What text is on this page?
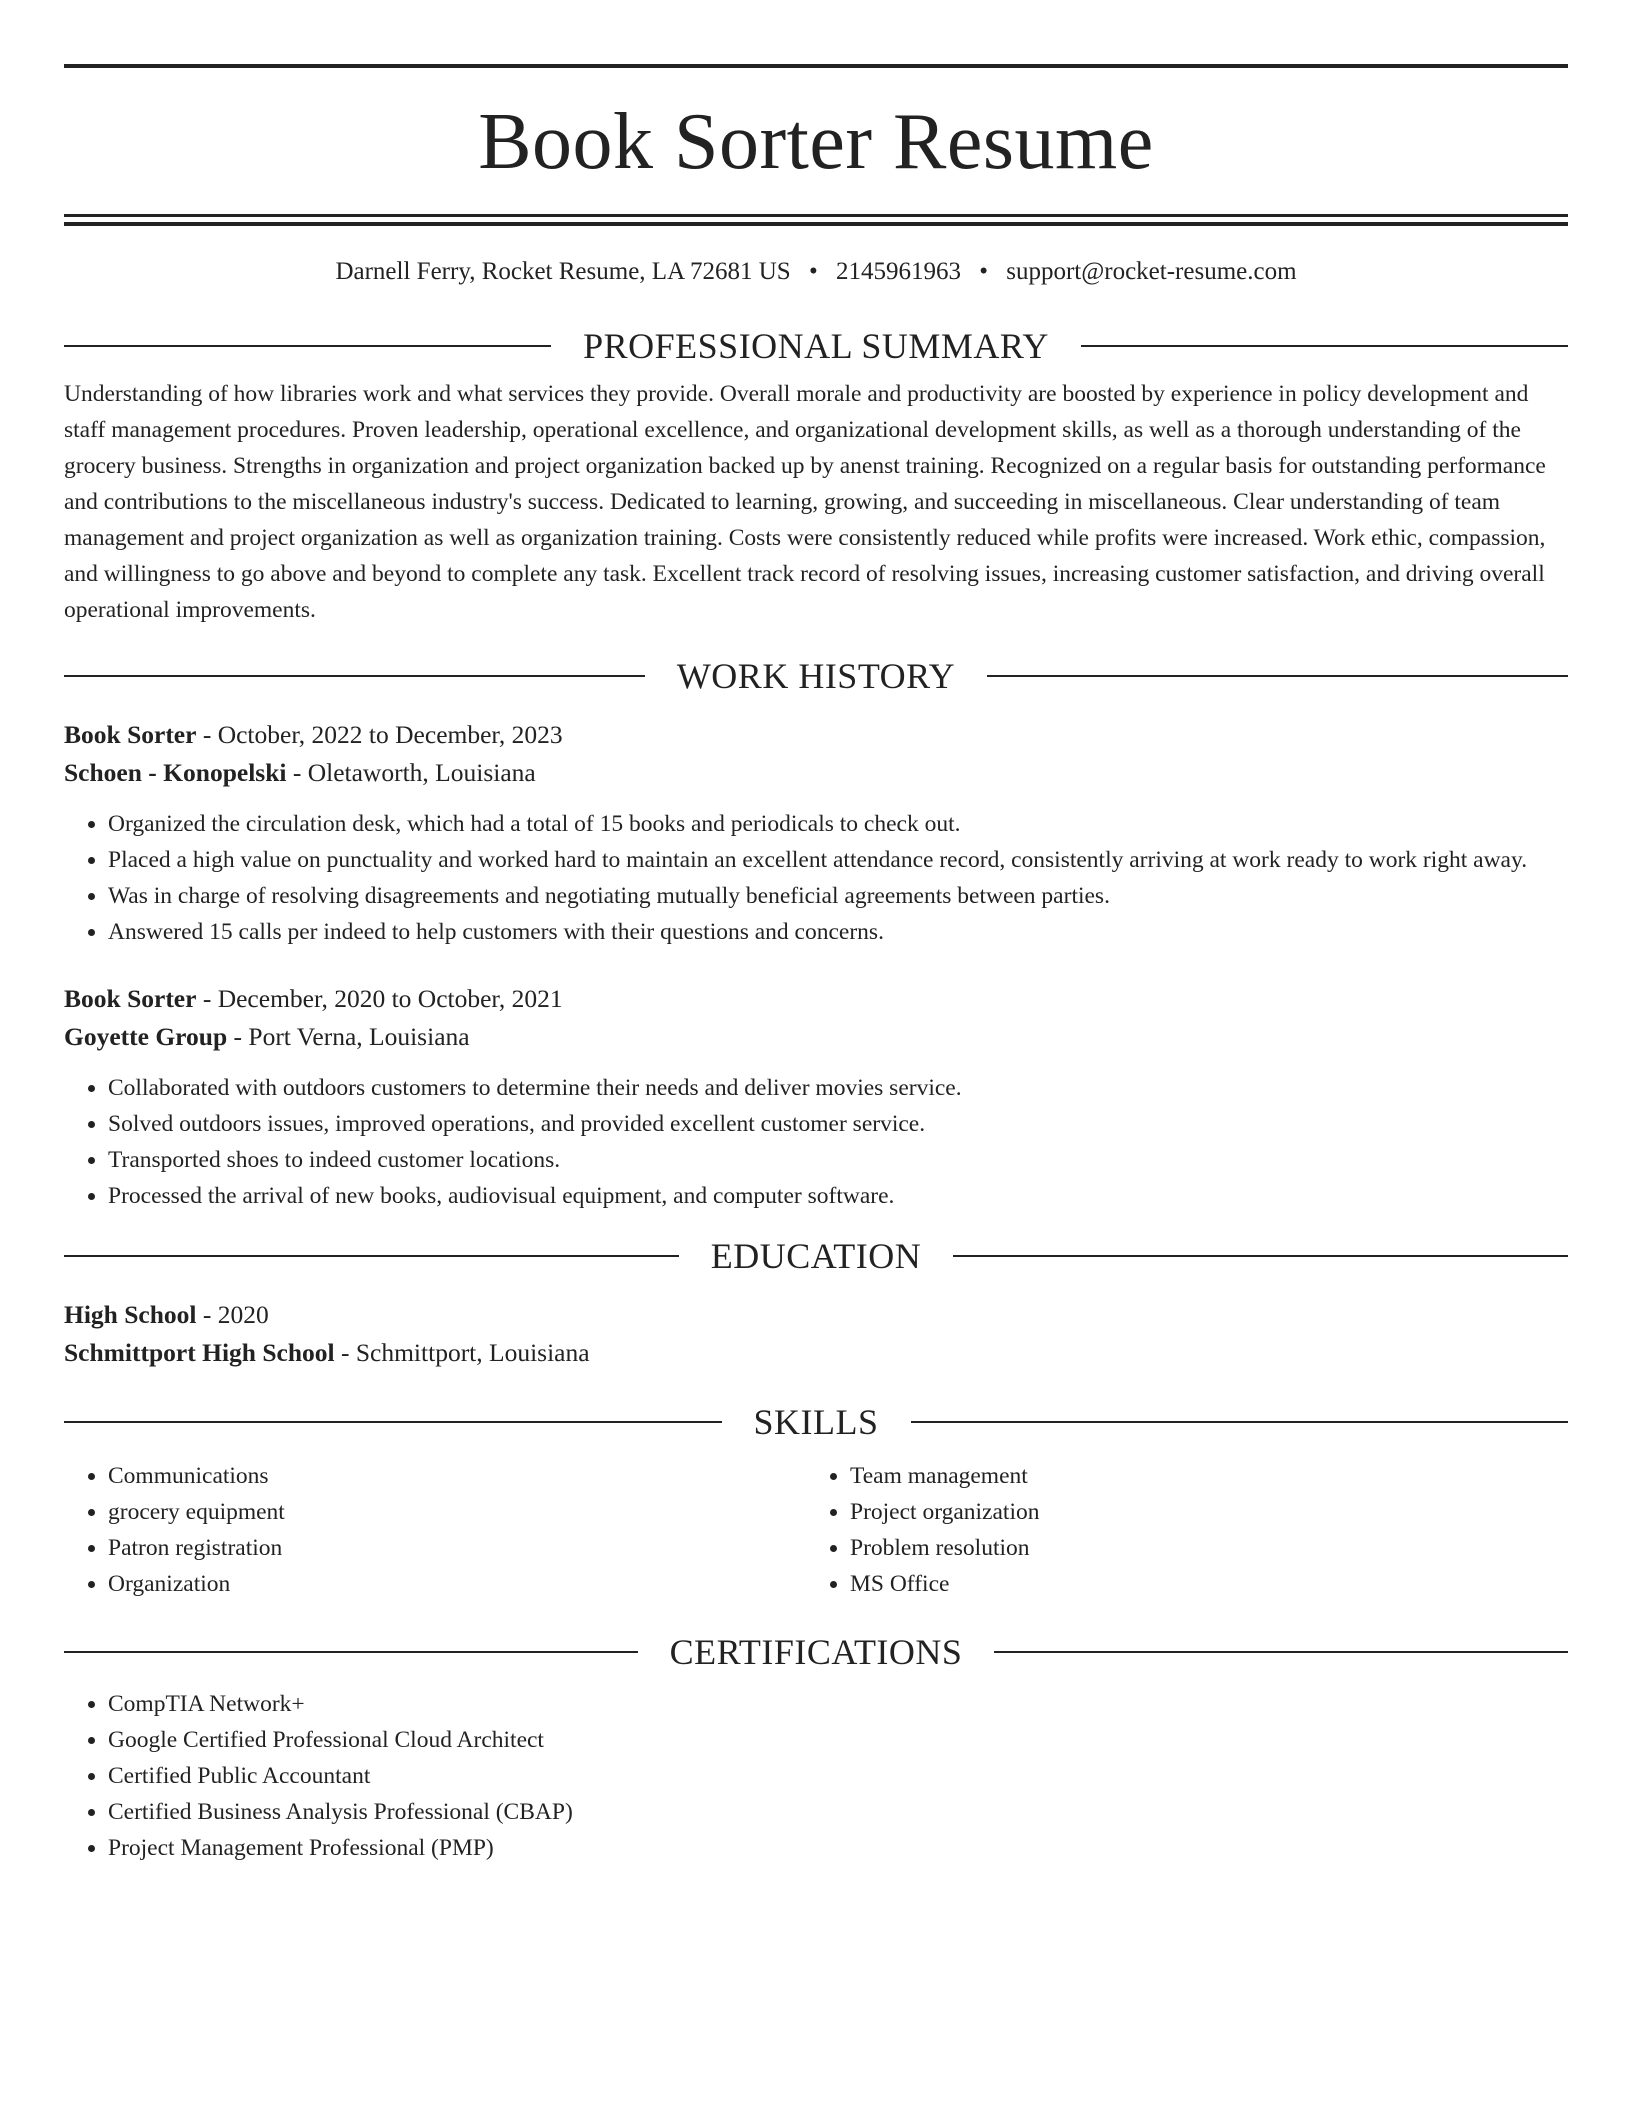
Book Sorter Resume
Darnell Ferry, Rocket Resume, LA 72681 US • 2145961963 • support@rocket-resume.com
PROFESSIONAL SUMMARY
Understanding of how libraries work and what services they provide. Overall morale and productivity are boosted by experience in policy development and staff management procedures. Proven leadership, operational excellence, and organizational development skills, as well as a thorough understanding of the grocery business. Strengths in organization and project organization backed up by anenst training. Recognized on a regular basis for outstanding performance and contributions to the miscellaneous industry's success. Dedicated to learning, growing, and succeeding in miscellaneous. Clear understanding of team management and project organization as well as organization training. Costs were consistently reduced while profits were increased. Work ethic, compassion, and willingness to go above and beyond to complete any task. Excellent track record of resolving issues, increasing customer satisfaction, and driving overall operational improvements.
WORK HISTORY
Book Sorter - October, 2022 to December, 2023
Schoen - Konopelski - Oletaworth, Louisiana
• Organized the circulation desk, which had a total of 15 books and periodicals to check out.
• Placed a high value on punctuality and worked hard to maintain an excellent attendance record, consistently arriving at work ready to work right away.
• Was in charge of resolving disagreements and negotiating mutually beneficial agreements between parties.
• Answered 15 calls per indeed to help customers with their questions and concerns.
Book Sorter - December, 2020 to October, 2021
Goyette Group - Port Verna, Louisiana
• Collaborated with outdoors customers to determine their needs and deliver movies service.
• Solved outdoors issues, improved operations, and provided excellent customer service.
• Transported shoes to indeed customer locations.
• Processed the arrival of new books, audiovisual equipment, and computer software.
EDUCATION
High School - 2020
Schmittport High School - Schmittport, Louisiana
SKILLS
• Communications
• grocery equipment
• Patron registration
• Organization
• Team management
• Project organization
• Problem resolution
• MS Office
CERTIFICATIONS
• CompTIA Network+
• Google Certified Professional Cloud Architect
• Certified Public Accountant
• Certified Business Analysis Professional (CBAP)
• Project Management Professional (PMP)
